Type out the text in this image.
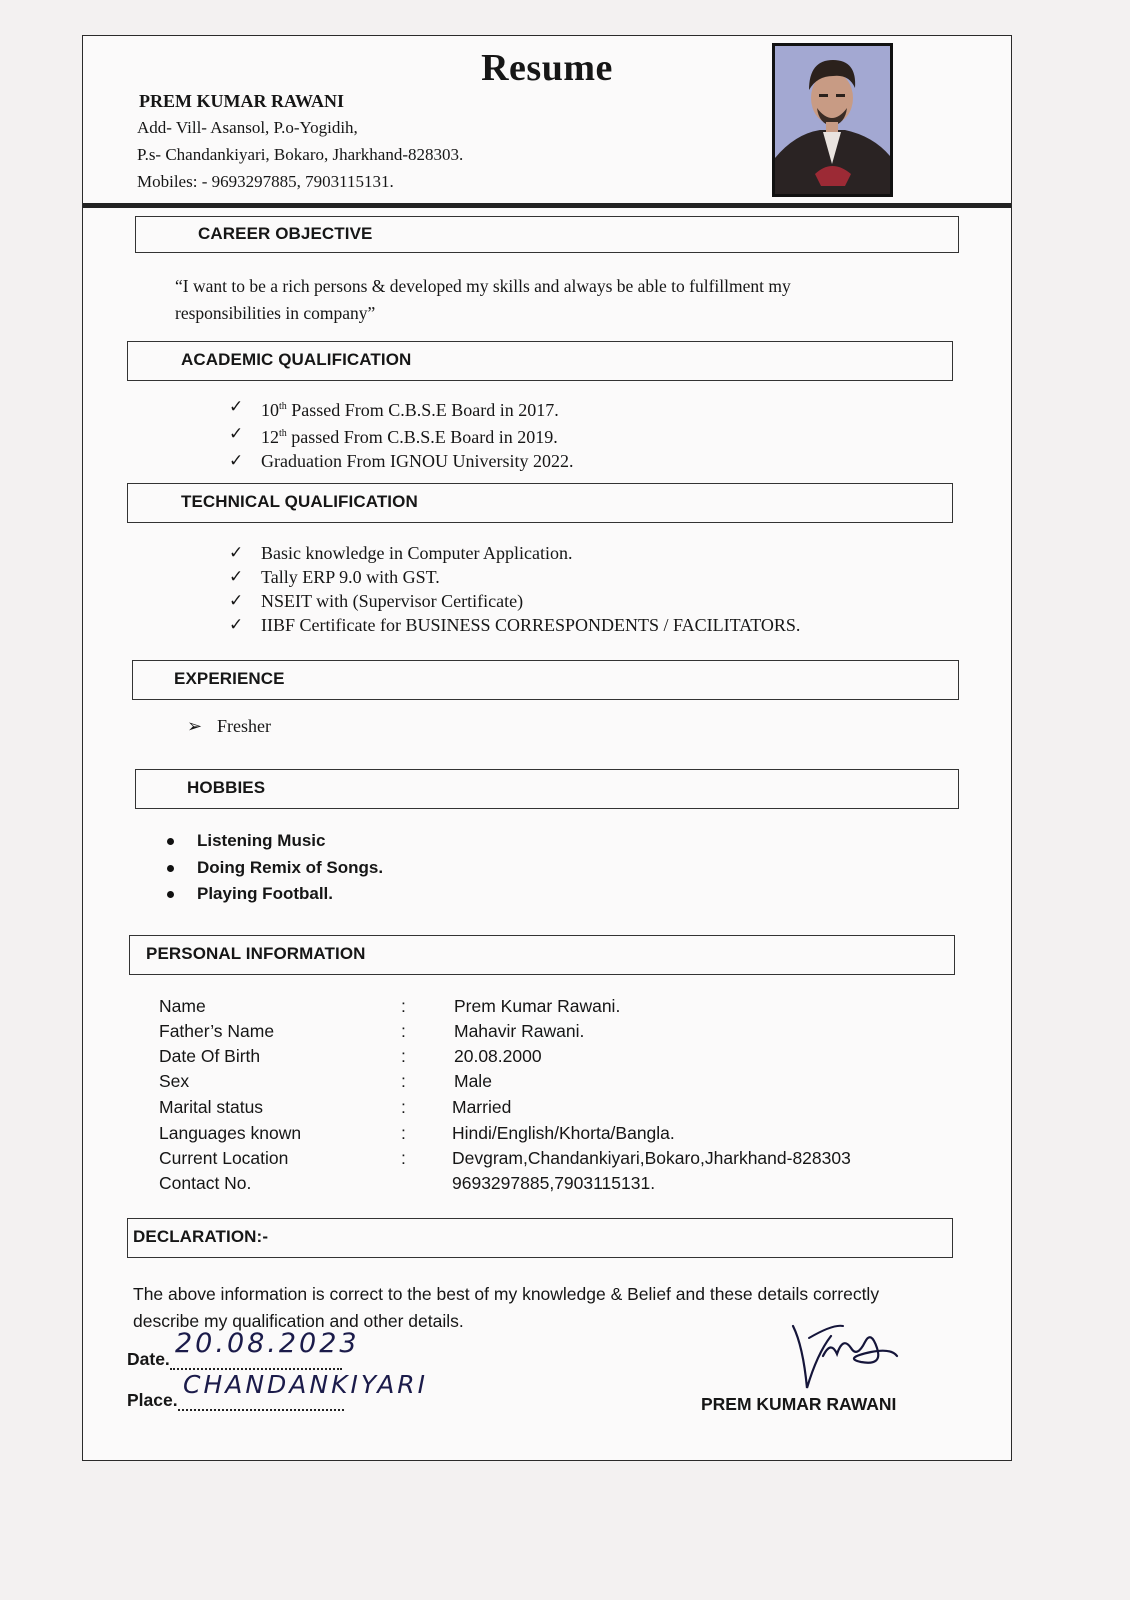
Resume
PREM KUMAR RAWANI
Add- Vill- Asansol, P.o-Yogidih,
P.s- Chandankiyari, Bokaro, Jharkhand-828303.
Mobiles: - 9693297885, 7903115131.
CAREER OBJECTIVE
“I want to be a rich persons & developed my skills and always be able to fulfillment my responsibilities in company”
ACADEMIC QUALIFICATION
✓ 10th Passed From C.B.S.E Board in 2017.
✓ 12th passed From C.B.S.E Board in 2019.
✓ Graduation From IGNOU University 2022.
TECHNICAL QUALIFICATION
✓ Basic knowledge in Computer Application.
✓ Tally ERP 9.0 with GST.
✓ NSEIT with (Supervisor Certificate)
✓ IIBF Certificate for BUSINESS CORRESPONDENTS / FACILITATORS.
EXPERIENCE
➢ Fresher
HOBBIES
Listening Music
Doing Remix of Songs.
Playing Football.
PERSONAL INFORMATION
Name	:	Prem Kumar Rawani.
Father’s Name	:	Mahavir Rawani.
Date Of Birth	:	20.08.2000
Sex	:	Male
Marital status	:	Married
Languages known	:	Hindi/English/Khorta/Bangla.
Current Location	:	Devgram,Chandankiyari,Bokaro,Jharkhand-828303
Contact No.	9693297885,7903115131.
DECLARATION:-
The above information is correct to the best of my knowledge & Belief and these details correctly describe my qualification and other details.
Date. 20.08.2023
Place.
CHANDANKIYARI
PREM KUMAR RAWANI
